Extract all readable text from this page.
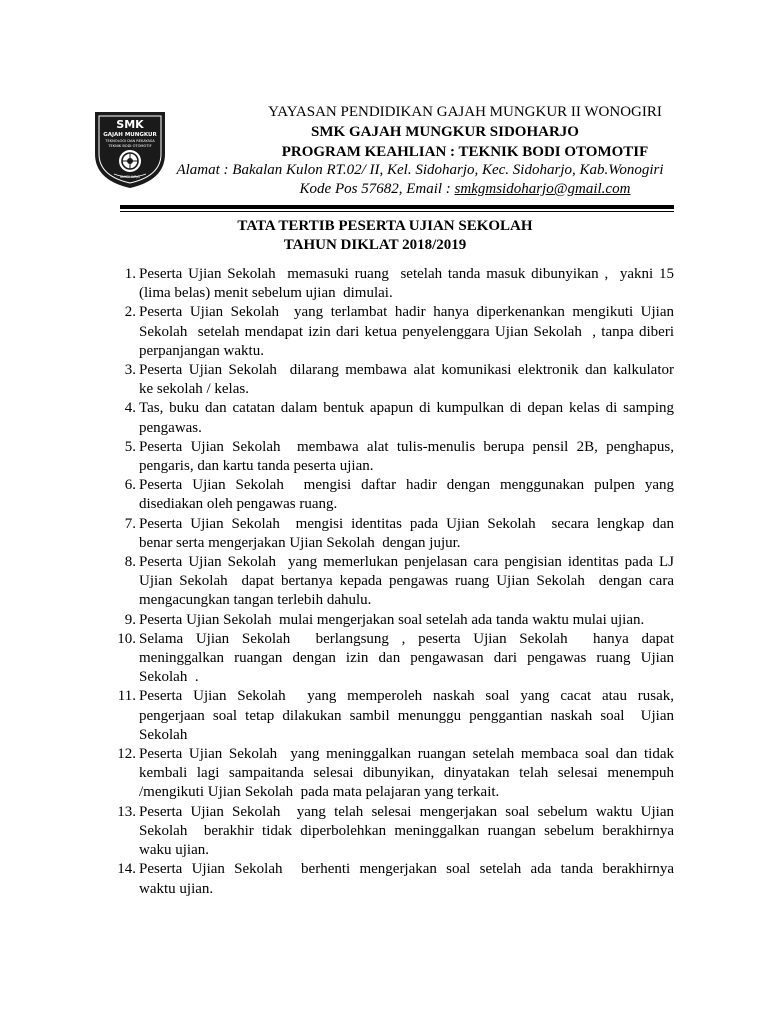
SMK
GAJAH MUNGKUR
TEKNOLOGI DAN REKAYASA
TEKNIK BODI OTOMOTIF
SUKOHARJO
YAYASAN PENDIDIKAN GAJAH MUNGKUR II WONOGIRI
SMK GAJAH MUNGKUR SIDOHARJO
PROGRAM KEAHLIAN : TEKNIK BODI OTOMOTIF
Alamat : Bakalan Kulon RT.02/ II, Kel. Sidoharjo, Kec. Sidoharjo, Kab.Wonogiri
Kode Pos 57682, Email : smkgmsidoharjo@gmail.com
TATA TERTIB PESERTA UJIAN SEKOLAH
TAHUN DIKLAT 2018/2019
1. Peserta Ujian Sekolah  memasuki ruang  setelah tanda masuk dibunyikan ,  yakni 15
(lima belas) menit sebelum ujian  dimulai.
2. Peserta Ujian Sekolah  yang terlambat hadir hanya diperkenankan mengikuti Ujian
Sekolah  setelah mendapat izin dari ketua penyelenggara Ujian Sekolah  , tanpa diberi
perpanjangan waktu.
3. Peserta Ujian Sekolah  dilarang membawa alat komunikasi elektronik dan kalkulator
ke sekolah / kelas.
4. Tas, buku dan catatan dalam bentuk apapun di kumpulkan di depan kelas di samping
pengawas.
5. Peserta Ujian Sekolah  membawa alat tulis-menulis berupa pensil 2B, penghapus,
pengaris, dan kartu tanda peserta ujian.
6. Peserta Ujian Sekolah  mengisi daftar hadir dengan menggunakan pulpen yang
disediakan oleh pengawas ruang.
7. Peserta Ujian Sekolah  mengisi identitas pada Ujian Sekolah  secara lengkap dan
benar serta mengerjakan Ujian Sekolah  dengan jujur.
8. Peserta Ujian Sekolah  yang memerlukan penjelasan cara pengisian identitas pada LJ
Ujian Sekolah  dapat bertanya kepada pengawas ruang Ujian Sekolah  dengan cara
mengacungkan tangan terlebih dahulu.
9. Peserta Ujian Sekolah  mulai mengerjakan soal setelah ada tanda waktu mulai ujian.
10. Selama Ujian Sekolah  berlangsung , peserta Ujian Sekolah  hanya dapat
meninggalkan ruangan dengan izin dan pengawasan dari pengawas ruang Ujian
Sekolah  .
11. Peserta Ujian Sekolah  yang memperoleh naskah soal yang cacat atau rusak,
pengerjaan soal tetap dilakukan sambil menunggu penggantian naskah soal  Ujian
Sekolah
12. Peserta Ujian Sekolah  yang meninggalkan ruangan setelah membaca soal dan tidak
kembali lagi sampaitanda selesai dibunyikan, dinyatakan telah selesai menempuh
/mengikuti Ujian Sekolah  pada mata pelajaran yang terkait.
13. Peserta Ujian Sekolah  yang telah selesai mengerjakan soal sebelum waktu Ujian
Sekolah  berakhir tidak diperbolehkan meninggalkan ruangan sebelum berakhirnya
waku ujian.
14. Peserta Ujian Sekolah  berhenti mengerjakan soal setelah ada tanda berakhirnya
waktu ujian.
